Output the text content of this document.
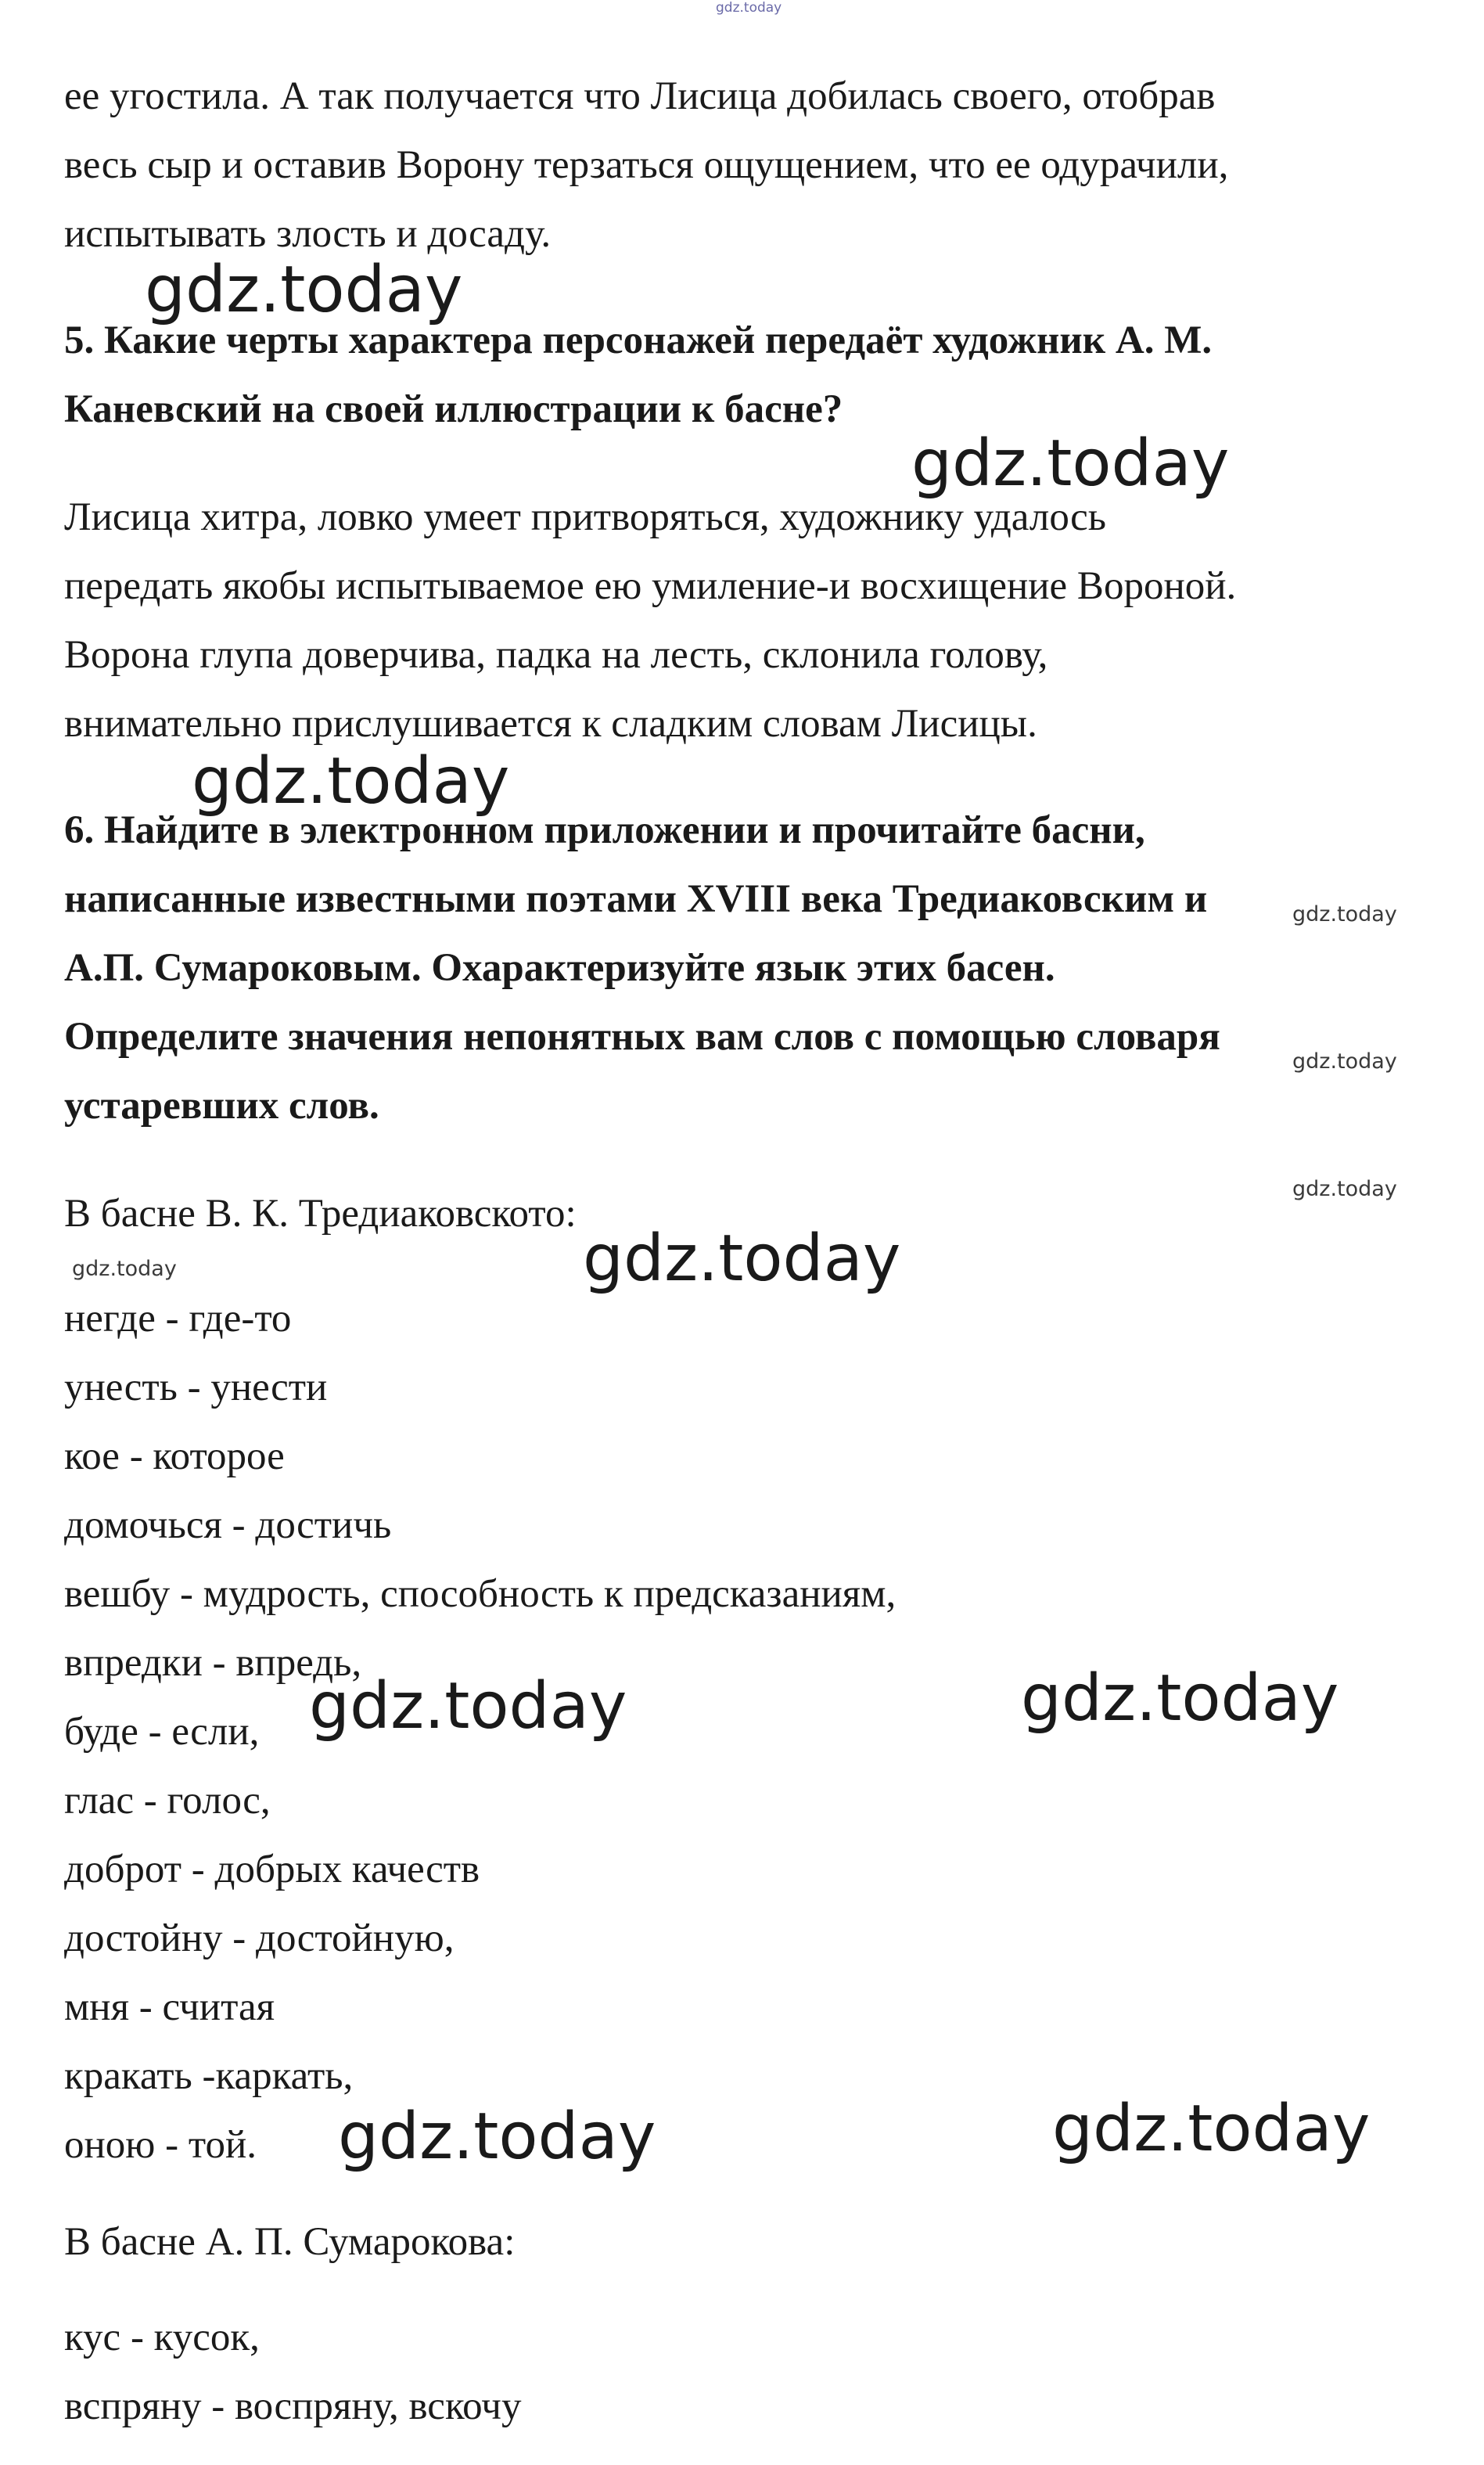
gdz.today
ее угостила. А так получается что Лисица добилась своего, отобрав
весь сыр и оставив Ворону терзаться ощущением, что ее одурачили,
испытывать злость и досаду.
5. Какие черты характера персонажей передаёт художник А. М.
Каневский на своей иллюстрации к басне?
Лисица хитра, ловко умеет притворяться, художнику удалось
передать якобы испытываемое ею умиление-и восхищение Вороной.
Ворона глупа доверчива, падка на лесть, склонила голову,
внимательно прислушивается к сладким словам Лисицы.
6. Найдите в электронном приложении и прочитайте басни,
написанные известными поэтами XVIII века Тредиаковским и
А.П. Сумароковым. Охарактеризуйте язык этих басен.
Определите значения непонятных вам слов с помощью словаря
устаревших слов.
В басне В. К. Тредиаковското:
негде - где-то
унесть - унести
кое - которое
домочься - достичь
вешбу - мудрость, способность к предсказаниям,
впредки - впредь,
буде - если,
глас - голос,
доброт - добрых качеств
достойну - достойную,
мня - считая
кракать -каркать,
оною - той.
В басне А. П. Сумарокова:
кус - кусок,
вспряну - воспряну, вскочу
gdz.today
gdz.today
gdz.today
gdz.today
gdz.today	gdz.today
gdz.today	gdz.today
gdz.today
gdz.today
gdz.today
gdz.today
